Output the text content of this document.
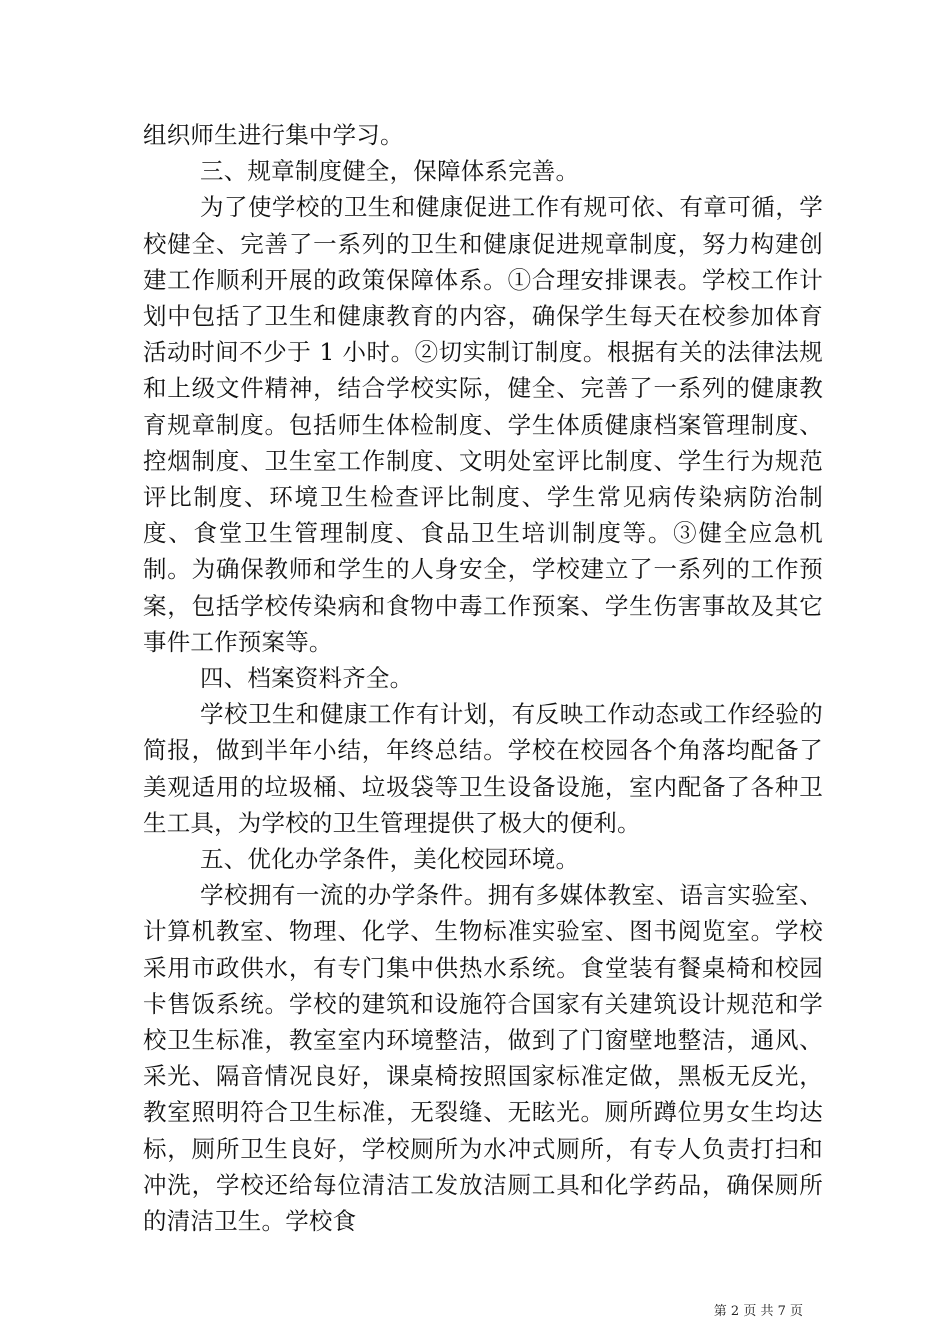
组织师生进行集中学习。

三、规章制度健全，保障体系完善。

为了使学校的卫生和健康促进工作有规可依、有章可循，学校健全、完善了一系列的卫生和健康促进规章制度，努力构建创建工作顺利开展的政策保障体系。①合理安排课表。学校工作计划中包括了卫生和健康教育的内容，确保学生每天在校参加体育活动时间不少于 1 小时。②切实制订制度。根据有关的法律法规和上级文件精神，结合学校实际，健全、完善了一系列的健康教育规章制度。包括师生体检制度、学生体质健康档案管理制度、控烟制度、卫生室工作制度、文明处室评比制度、学生行为规范评比制度、环境卫生检查评比制度、学生常见病传染病防治制度、食堂卫生管理制度、食品卫生培训制度等。③健全应急机制。为确保教师和学生的人身安全，学校建立了一系列的工作预案，包括学校传染病和食物中毒工作预案、学生伤害事故及其它事件工作预案等。

四、档案资料齐全。

学校卫生和健康工作有计划，有反映工作动态或工作经验的简报，做到半年小结，年终总结。学校在校园各个角落均配备了美观适用的垃圾桶、垃圾袋等卫生设备设施，室内配备了各种卫生工具，为学校的卫生管理提供了极大的便利。

五、优化办学条件，美化校园环境。

学校拥有一流的办学条件。拥有多媒体教室、语言实验室、计算机教室、物理、化学、生物标准实验室、图书阅览室。学校采用市政供水，有专门集中供热水系统。食堂装有餐桌椅和校园卡售饭系统。学校的建筑和设施符合国家有关建筑设计规范和学校卫生标准，教室室内环境整洁，做到了门窗壁地整洁，通风、采光、隔音情况良好，课桌椅按照国家标准定做，黑板无反光，教室照明符合卫生标准，无裂缝、无眩光。厕所蹲位男女生均达标，厕所卫生良好，学校厕所为水冲式厕所，有专人负责打扫和冲洗，学校还给每位清洁工发放洁厕工具和化学药品，确保厕所的清洁卫生。学校食

第 2 页 共 7 页
